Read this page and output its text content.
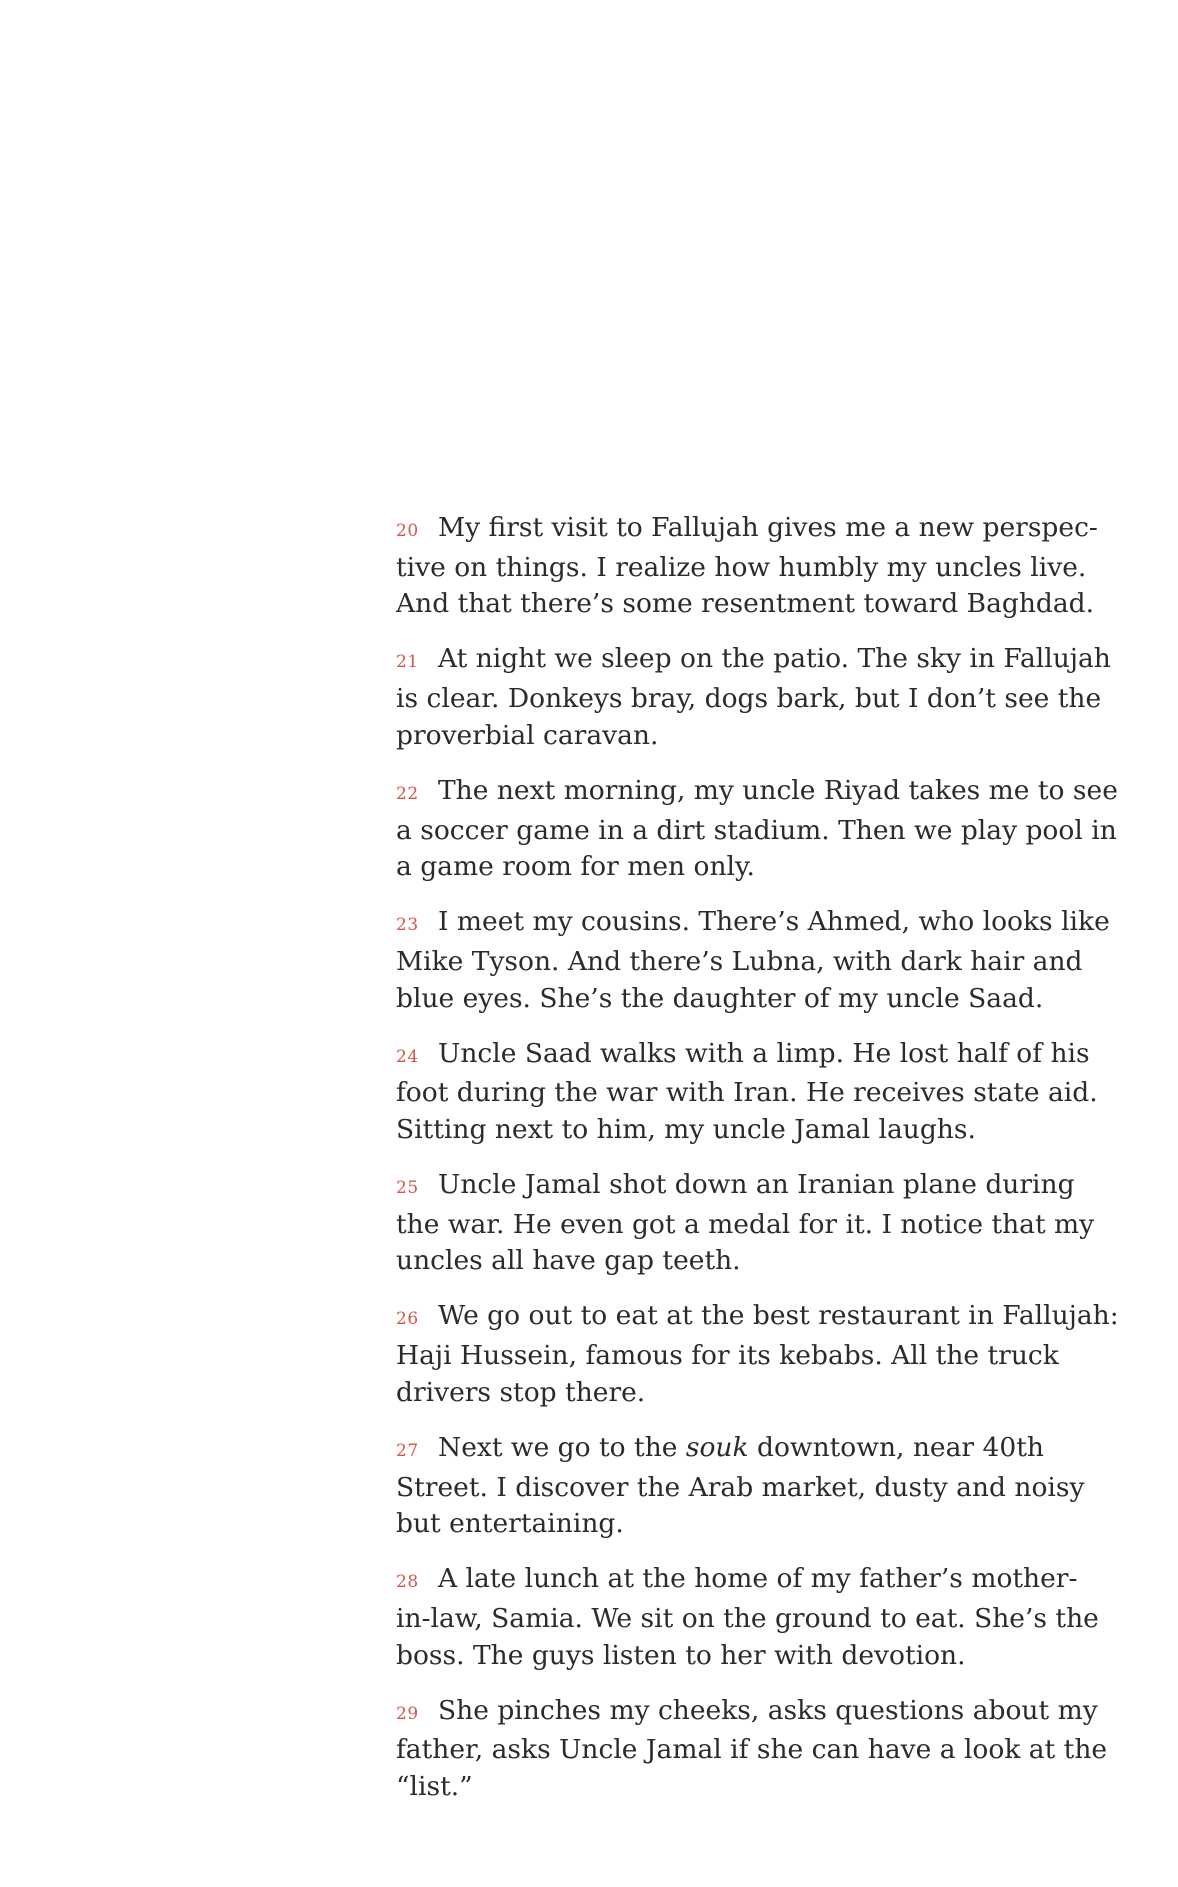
20 My first visit to Fallujah gives me a new perspec-
tive on things. I realize how humbly my uncles live.
And that there’s some resentment toward Baghdad.

21 At night we sleep on the patio. The sky in Fallujah
is clear. Donkeys bray, dogs bark, but I don’t see the
proverbial caravan.

22 The next morning, my uncle Riyad takes me to see
a soccer game in a dirt stadium. Then we play pool in
a game room for men only.

23 I meet my cousins. There’s Ahmed, who looks like
Mike Tyson. And there’s Lubna, with dark hair and
blue eyes. She’s the daughter of my uncle Saad.

24 Uncle Saad walks with a limp. He lost half of his
foot during the war with Iran. He receives state aid.
Sitting next to him, my uncle Jamal laughs.

25 Uncle Jamal shot down an Iranian plane during
the war. He even got a medal for it. I notice that my
uncles all have gap teeth.

26 We go out to eat at the best restaurant in Fallujah:
Haji Hussein, famous for its kebabs. All the truck
drivers stop there.

27 Next we go to the souk downtown, near 40th
Street. I discover the Arab market, dusty and noisy
but entertaining.

28 A late lunch at the home of my father’s mother-
in-law, Samia. We sit on the ground to eat. She’s the
boss. The guys listen to her with devotion.

29 She pinches my cheeks, asks questions about my
father, asks Uncle Jamal if she can have a look at the
“list.”
